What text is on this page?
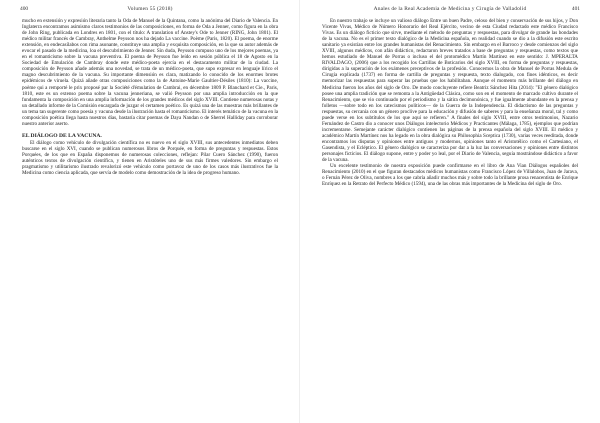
400	Volumen 55 (2018)

mucho en extensión y expresión literaria tanto la Oda de Manuel de la Quintana, como la anónima del Diario de Valencia. En Inglaterra encontramos asimismo claros testimonios de las composiciones, en forma de Oda a Jenner, como figura en la obra de John Ring, publicada en Londres en 1801, con el título: A translation of Anstey's Ode to Jenner (RING, John 1801). El médico militar francés de Cambray, Anthelme Peysson nos ha dejado La vaccine. Poème (Paris, 1820). El poema, de enorme extensión, en endecasílabos con rima asonante, constituye una amplia y exquisita composición, en la que su autor además de evocar el pasado de la medicina, loa el descubrimiento de Jenner. Sin duda, Peysson compuso uno de los mejores poemas, ya en el romanticismo sobre la vacuna preventiva. El poema de Peysson fue leído en sesión pública el 18 de Agosto en la Sociedad de Emulación de Cambray donde este médico-poeta ejercía en el destacamento militar de la ciudad. La composición de Peysson añade además una novedad, se trata de un médico-poeta, que supo expresar en lenguaje lírico el magno descubrimiento de la vacuna. Su importante dimensión es clara, matizando lo conocido de los enormes brotes epidémicos de viruela. Quizá añade otras composiciones como la de Antoine-Marie Gaultier-Désiles (1810): La vaccine, poème qui a remporté le prix proposé par la Société d'émulation de Cambrai, en décembre 1809 P. Blanchard et Cie., Paris, 1810, este es un extenso poema sobre la vacuna jenneriana, se valió Peysson por una amplia introducción en la que fundamenta la composición en una amplia información de los grandes médicos del siglo XVIII. Contiene numerosas notas y un detallado informe de la Comisión encargada de juzgar el certamen poético. Es quizá una de las muestras más brillantes de un tema tan sugerente como poesía y vacuna desde la ilustración hasta el romanticismo. El interés temático de la vacuna en la composición poética llega hasta nuestros días, bastaría citar poemas de Daya Nandan o de Sherrel Halliday para corroborar nuestro anterior aserto.

EL DIÁLOGO DE LA VACUNA.

El diálogo como vehículo de divulgación científica no es nuevo en el siglo XVIII, sus antecedentes inmediatos deben buscarse en el siglo XVI, cuando se publican numerosos libros de Porquée, en forma de preguntas y respuestas. Estos Porquées, de los que en España disponemos de numerosas colecciones, reflejan: Pilar Cuero Sánchez (1990), fueron auténticos textos de divulgación científica, y tienen en Aristóteles uno de sus más firmes valedores. Sin embargo el pragmatismo y utilitarismo ilustrado revalorizó este vehículo como portavoz de uno de los casos más ilustrativos fue la Medicina como ciencia aplicada, que servía de modelo como demostración de la idea de progreso humano.

Anales de la Real Academia de Medicina y Cirugía de Valladolid	401

En nuestro trabajo se incluye un valioso diálogo Entre un buen Padre, celoso del bien y conservación de sus hijos, y Don Vicente Vivas, Médico de Número Honorario del Real Ejército, vecino de esta Ciudad redactado este médico Francisco Vivas. Es un diálogo ficticio que sirve, mediante el método de preguntas y respuestas, para divulgar de grande las bondades de la vacuna. No es el primer texto dialógico de la Medicina española, en realidad cuando se dio a la difusión este escrito sanitario ya existían entre los grandes humanistas del Renacimiento. Sin embargo en el Barroco y desde comienzos del siglo XVIII, algunos médicos, con afán didáctico, redactaron breves tratados a base de preguntas y respuestas, como textos que hemos estudiado de Manuel de Porras o incluso el del protomédico Martín Martínez en este sentido: J. MPERALTA RIVALDAGO, (2006) que a los recogido los Cartillas de Boticarios del siglo XVIII, en forma de preguntas y respuestas, dirigidas a la superación de los exámenes preceptivos de la profesión. Conocemos la obra de Manuel de Porras Medula de Cirugía explicada (1737) en forma de cartilla de preguntas y respuesta, texto dialogado, con fines idénticos, es decir memorizar las respuestas para superar las pruebas que los habilitaban. Aunque el momento más brillante del diálogo en Medicina fueron los años del siglo de Oro. De modo concluyente refiere Beatriz Sánchez Hita (2014): "El género dialógico posee una amplia tradición que se remonta a la Antigüedad Clásica, como son en el momento de marcado cultivo durante el Renacimiento, que se vio continuado por el periodismo y la sátira decimonónica, y fue igualmente abundante en la prensa y folletos —sobre todo en los catecismos políticos— de la Guerra de la Independencia. El didactismo de las preguntas y respuestas, su cercanía con un género proclive para la educación y difusión de saberes y para la enseñanza moral, tal y como puede verse en los subtítulos de los que aquí se refieren." A finales del siglo XVIII, entre otros testimonios, Nazario Fernández de Castro dio a conocer unos Diálogos intelectorio Médicos y Practicantes (Málaga, 1785), ejemplos que podrían incrementarse. Semejante carácter dialógico contienen las páginas de la prensa española del siglo XVIII. El médico y académico Martín Martínez nos ha legado en la obra dialógica su Philosophia Sceptica (1730), varias veces reeditada, donde encontramos los disputas y opiniones entre antiguos y modernos, opiniones tanto el Aristotélico como el Cartesiano, el Gasendista, y el Ecléptico. El género dialógico se caracteriza por dar a la luz las conversaciones y opiniones entre distintos personajes ficticios. El diálogo supone, entre y poder yo leal, por el Diario de Valencia, seguía mostrándose didáctico a favor de la vacuna.

Un excelente testimonio de nuestra exposición puede confirmarse en el libro de Ana Vian Diálogos españoles del Renacimiento (2010) en el que figuran destacados médicos humanistas como Francisco López de Villalobos, Juan de Jarava, o Fernán Pérez de Oliva, nombres a los que cabría añadir muchos más y sobre todo la brillante prosa renacentista de Enrique Enríquez en la Retrato del Perfecto Médico (1594), una de las obras más importantes de la Medicina del siglo de Oro.
